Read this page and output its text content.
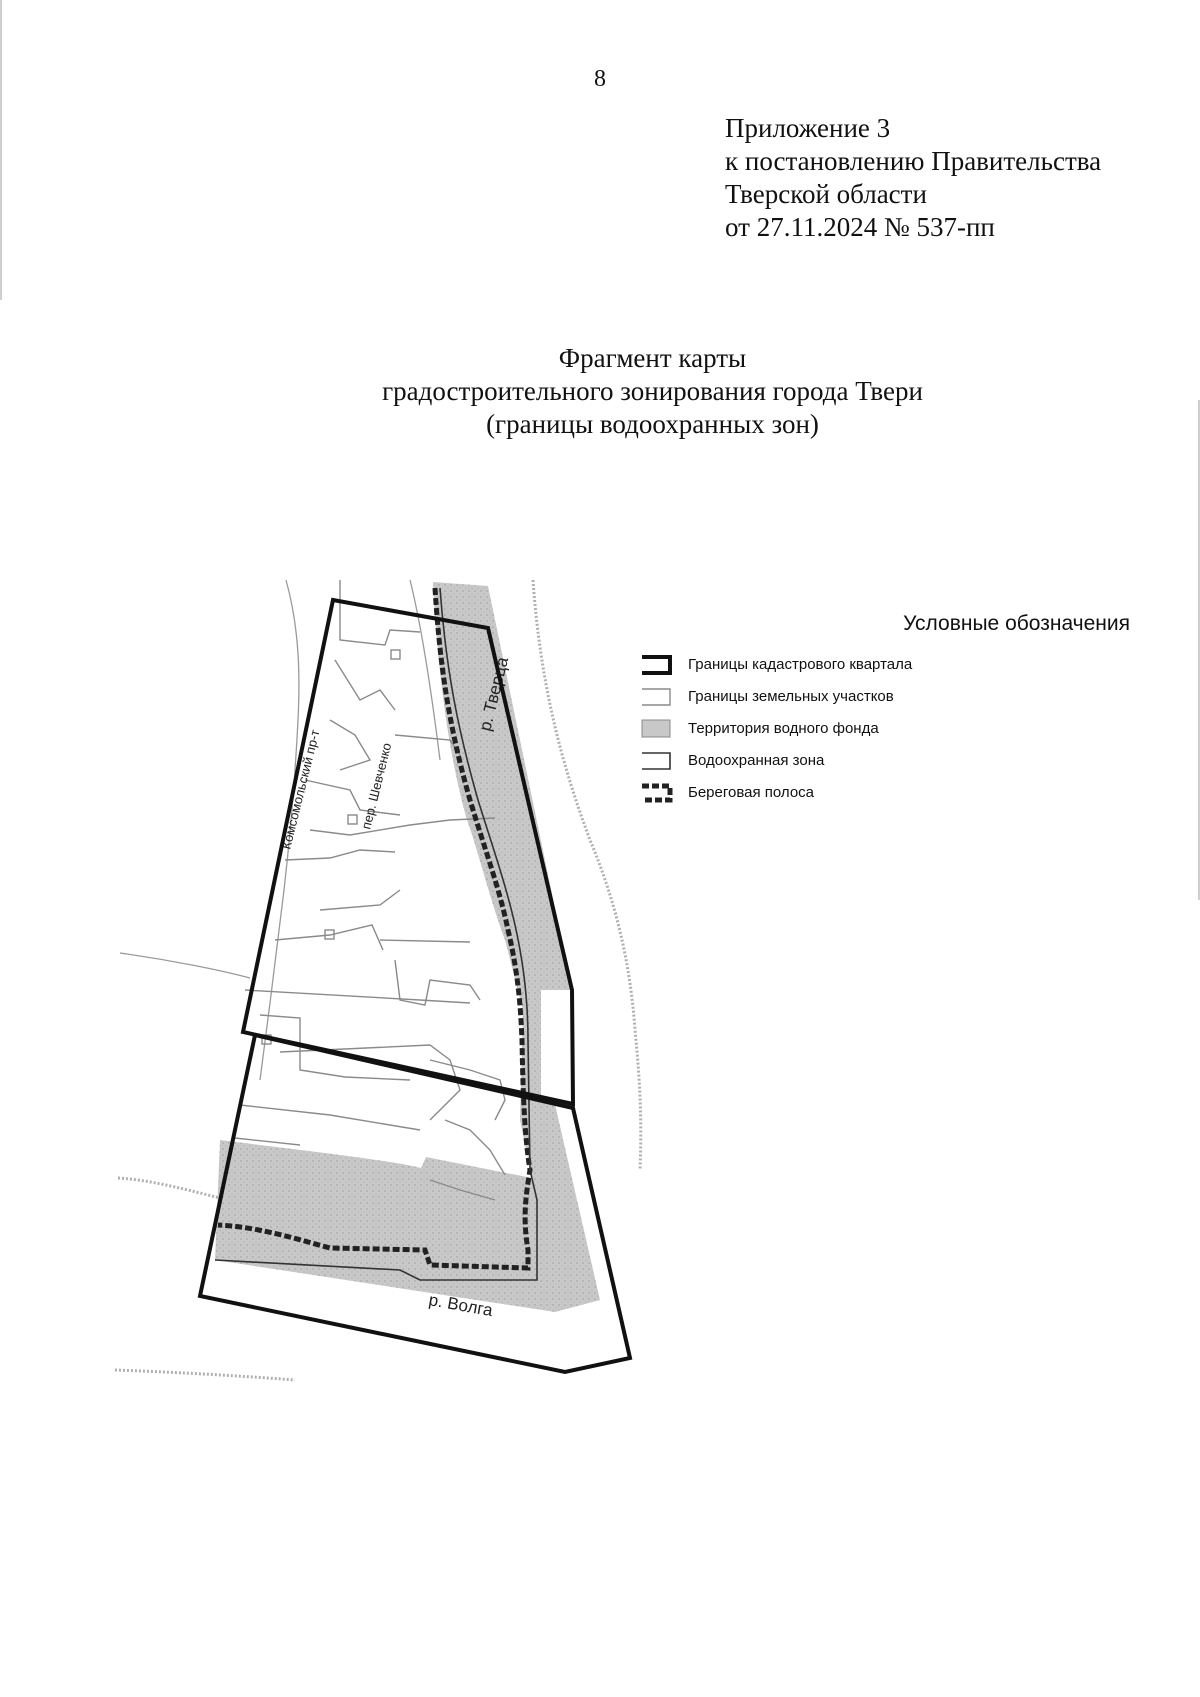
8
Приложение 3
к постановлению Правительства
Тверской области
от 27.11.2024 № 537-пп
Фрагмент карты
градостроительного зонирования города Твери
(границы водоохранных зон)
Комсомольский пр-т	пер. Шевченко
р. Тверца
р. Волга
Условные обозначения
Границы кадастрового квартала
Границы земельных участков
Территория водного фонда
Водоохранная зона
Береговая полоса
